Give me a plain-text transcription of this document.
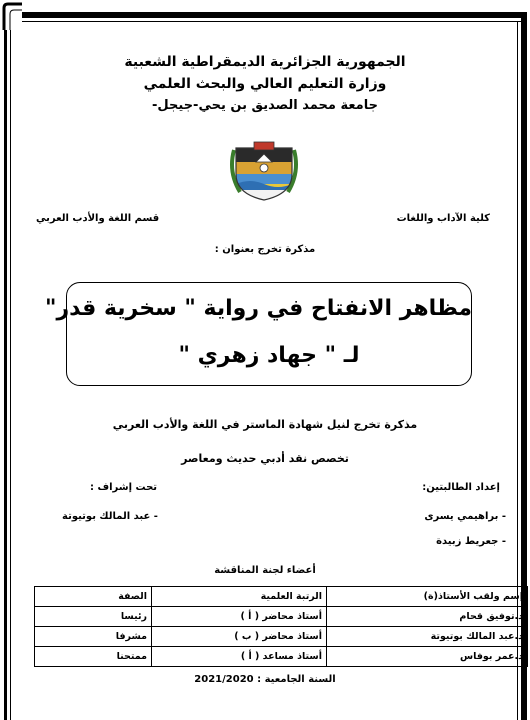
الجمهورية الجزائرية الديمقراطية الشعبية
وزارة التعليم العالي والبحث العلمي
جامعة محمد الصديق بن يحي-جيجل-
كلية الآداب واللغات
قسم اللغة والأدب العربي
مذكرة تخرج بعنوان :
مظاهر الانفتاح في رواية " سخرية قدر"
لـ " جهاد زهري "
مذكرة تخرج لنيل شهادة الماستر في اللغة والأدب العربي
تخصص نقد أدبي حديث ومعاصر
إعداد الطالبتين:
تحت إشراف :
- براهيمي يسرى
- عبد المالك بوتيوتة
- جعريط زبيدة
أعضاء لجنة المناقشة
إسم ولقب الأستاذ(ة)	الرتبة العلمية	الصفة
د.توفيق قحام	أستاذ محاضر ( أ )	رئيسا
د.عبد المالك بوتيوتة	أستاذ محاضر ( ب )	مشرفا
د.عمر بوفاس	أستاذ مساعد ( أ )	ممتحنا
السنة الجامعية : 2021/2020
